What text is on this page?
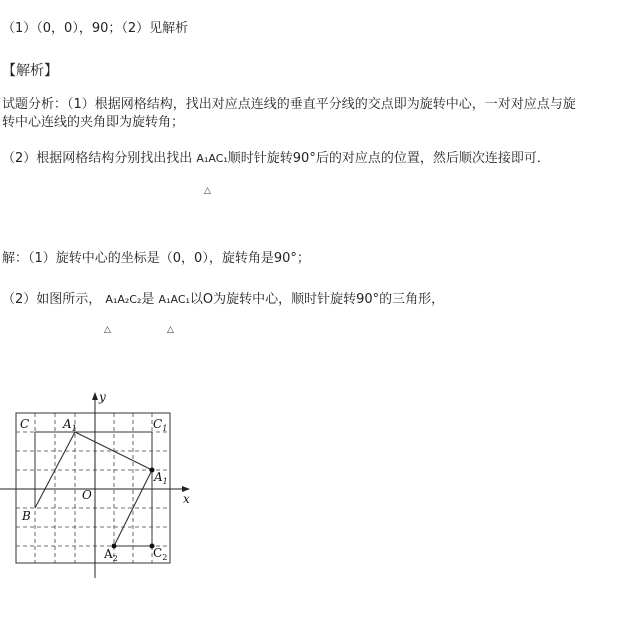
（1）（0，0），90；（2）见解析
【解析】
试题分析：（1）根据网格结构，找出对应点连线的垂直平分线的交点即为旋转中心，一对对应点与旋
转中心连线的夹角即为旋转角；
（2）根据网格结构分别找出找出 A₁AC₁顺时针旋转90°后的对应点的位置，然后顺次连接即可．
△
解：（1）旋转中心的坐标是（0，0），旋转角是90°；
（2）如图所示， A₁A₂C₂是 A₁AC₁以O为旋转中心，顺时针旋转90°的三角形，
△	△
y
x
O
C	$A_1$	$C_1$
$A_1$
B
$A_2$	$C_2$
